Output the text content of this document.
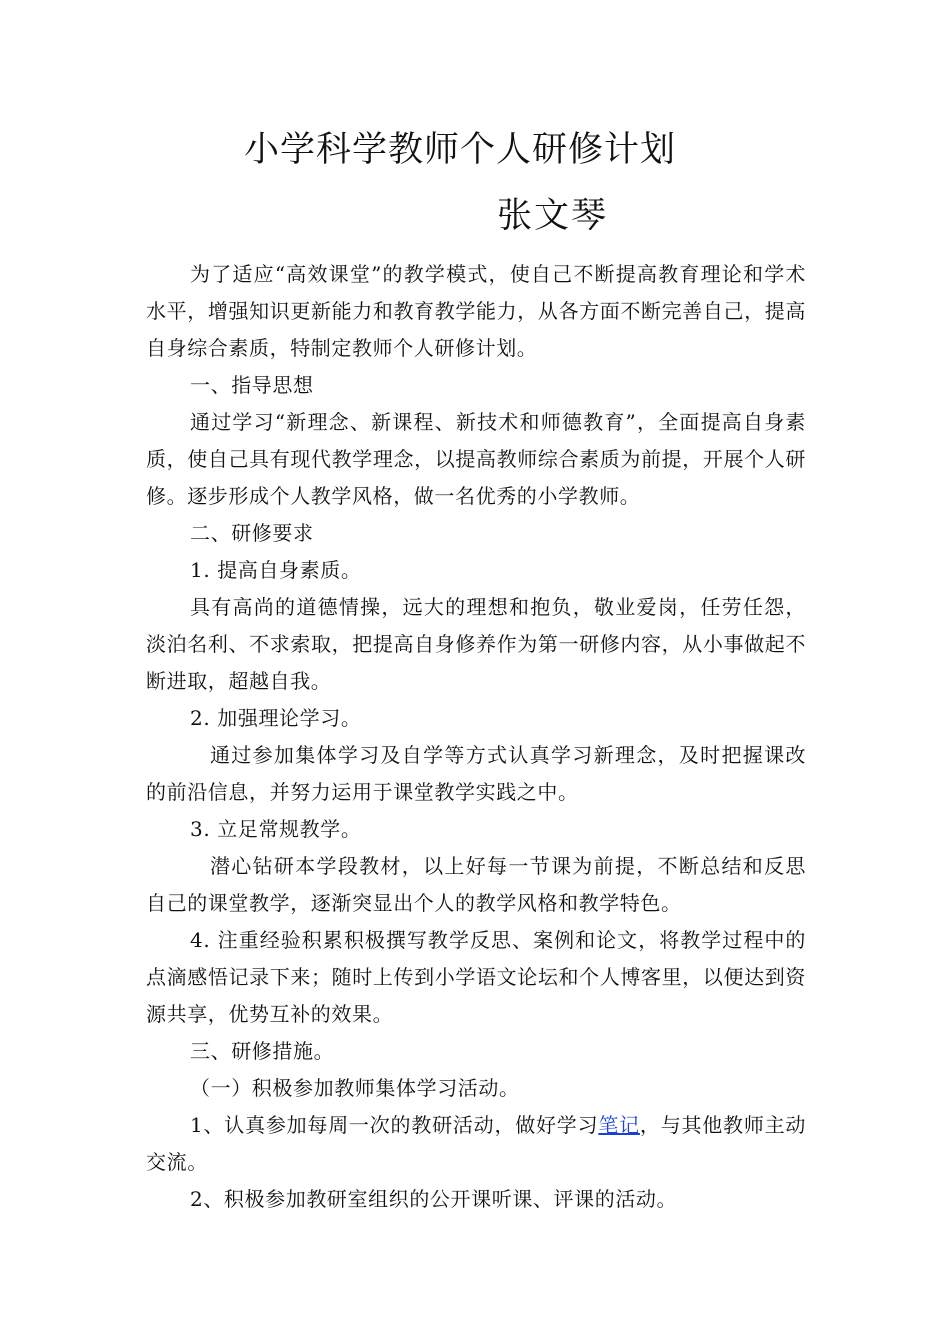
小学科学教师个人研修计划
张文琴

为了适应“高效课堂”的教学模式，使自己不断提高教育理论和学术水平，增强知识更新能力和教育教学能力，从各方面不断完善自己，提高自身综合素质，特制定教师个人研修计划。

一、指导思想

通过学习“新理念、新课程、新技术和师德教育”，全面提高自身素质，使自己具有现代教学理念，以提高教师综合素质为前提，开展个人研修。逐步形成个人教学风格，做一名优秀的小学教师。

二、研修要求

1. 提高自身素质。

具有高尚的道德情操，远大的理想和抱负，敬业爱岗，任劳任怨，淡泊名利、不求索取，把提高自身修养作为第一研修内容，从小事做起不断进取，超越自我。

2. 加强理论学习。

通过参加集体学习及自学等方式认真学习新理念，及时把握课改的前沿信息，并努力运用于课堂教学实践之中。

3. 立足常规教学。

潜心钻研本学段教材，以上好每一节课为前提，不断总结和反思自己的课堂教学，逐渐突显出个人的教学风格和教学特色。

4. 注重经验积累积极撰写教学反思、案例和论文，将教学过程中的点滴感悟记录下来；随时上传到小学语文论坛和个人博客里，以便达到资源共享，优势互补的效果。

三、研修措施。

（一）积极参加教师集体学习活动。

1、认真参加每周一次的教研活动，做好学习笔记，与其他教师主动交流。

2、积极参加教研室组织的公开课听课、评课的活动。
